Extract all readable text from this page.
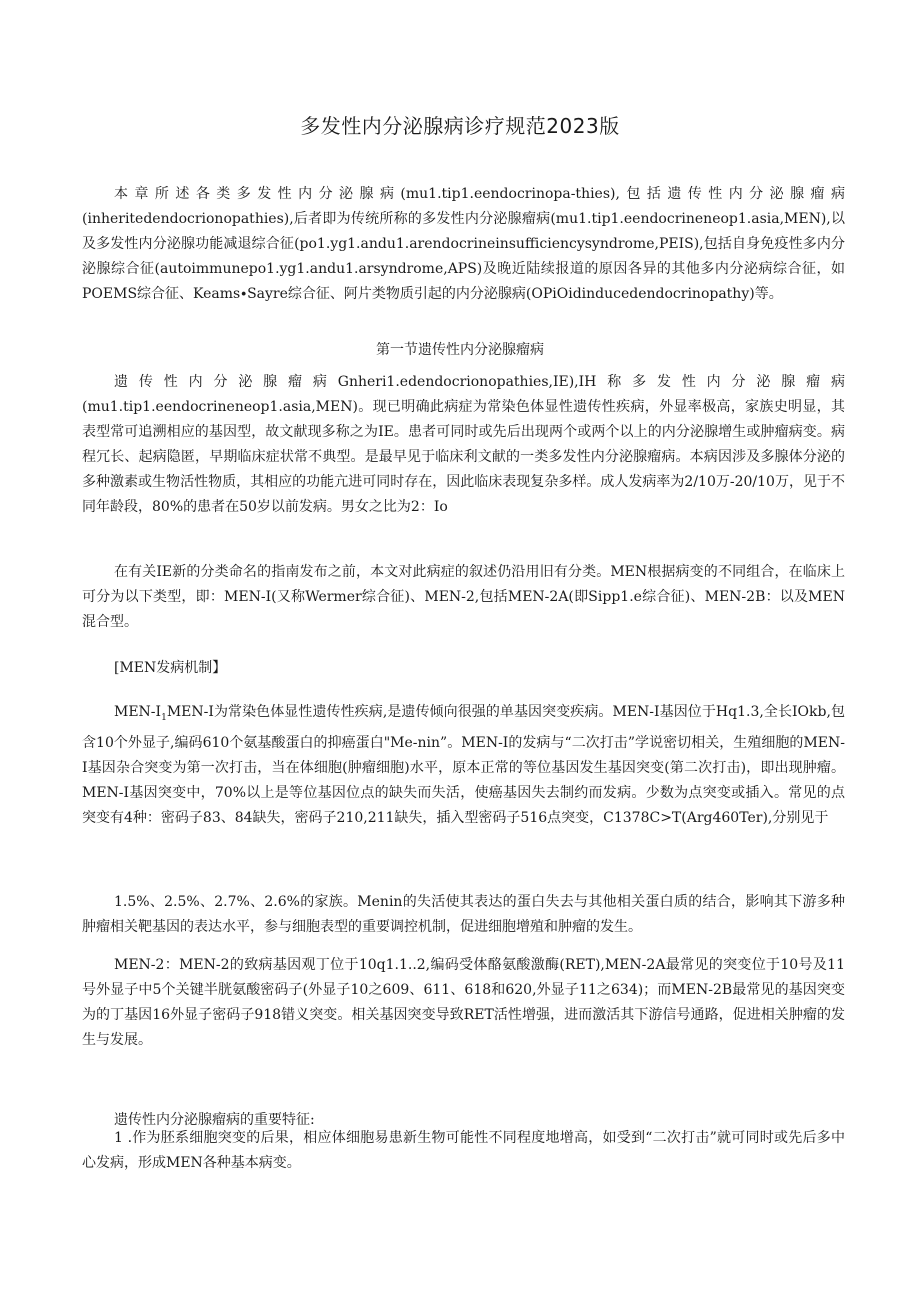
多发性内分泌腺病诊疗规范2023版

本章所述各类多发性内分泌腺病(mu1.tip1.eendocrinopa-thies),包括遗传性内分泌腺瘤病(inheritedendocrionopathies),后者即为传统所称的多发性内分泌腺瘤病(mu1.tip1.eendocrineneop1.asia,MEN),以及多发性内分泌腺功能减退综合征(po1.yg1.andu1.arendocrineinsufficiencysyndrome,PEIS),包括自身免疫性多内分泌腺综合征(autoimmunepo1.yg1.andu1.arsyndrome,APS)及晚近陆续报道的原因各异的其他多内分泌病综合征，如POEMS综合征、Keams∙Sayre综合征、阿片类物质引起的内分泌腺病(OPiOidinducedendocrinopathy)等。

第一节遗传性内分泌腺瘤病

遗传性内分泌腺瘤病Gnheri1.edendocrionopathies,IE),IH称多发性内分泌腺瘤病(mu1.tip1.eendocrineneop1.asia,MEN)。现已明确此病症为常染色体显性遗传性疾病，外显率极高，家族史明显，其表型常可追溯相应的基因型，故文献现多称之为IE。患者可同时或先后出现两个或两个以上的内分泌腺增生或肿瘤病变。病程冗长、起病隐匿，早期临床症状常不典型。是最早见于临床利文献的一类多发性内分泌腺瘤病。本病因涉及多腺体分泌的多种激素或生物活性物质，其相应的功能亢进可同时存在，因此临床表现复杂多样。成人发病率为2/10万-20/10万，见于不同年龄段，80%的患者在50岁以前发病。男女之比为2：Io

在有关IE新的分类命名的指南发布之前，本文对此病症的叙述仍沿用旧有分类。MEN根据病变的不同组合，在临床上可分为以下类型，即：MEN-I(又称Wermer综合征)、MEN-2,包括MEN-2A(即Sipp1.e综合征)、MEN-2B：以及MEN混合型。

[MEN发病机制】

MEN-$I_1MEN-I$为常染色体显性遗传性疾病,是遗传倾向很强的单基因突变疾病。MEN-I基因位于Hq1.3,全长IOkb,包含10个外显子,编码610个氨基酸蛋白的抑癌蛋白"Me-nin”。MEN-I的发病与“二次打击”学说密切相关，生殖细胞的MEN-I基因杂合突变为第一次打击，当在体细胞(肿瘤细胞)水平，原本正常的等位基因发生基因突变(第二次打击)，即出现肿瘤。MEN-I基因突变中，70%以上是等位基因位点的缺失而失活，使癌基因失去制约而发病。少数为点突变或插入。常见的点突变有4种：密码子83、84缺失，密码子210,211缺失，插入型密码子516点突变，C1378C>T(Arg460Ter),分别见于

1.5%、2.5%、2.7%、2.6%的家族。Menin的失活使其表达的蛋白失去与其他相关蛋白质的结合，影响其下游多种肿瘤相关靶基因的表达水平，参与细胞表型的重要调控机制，促进细胞增殖和肿瘤的发生。

MEN-2：MEN-2的致病基因观丁位于10q1.1..2,编码受体酪氨酸激酶(RET),MEN-2A最常见的突变位于10号及11号外显子中5个关键半胱氨酸密码子(外显子10之609、611、618和620,外显子11之634)；而MEN-2B最常见的基因突变为的丁基因16外显子密码子918错义突变。相关基因突变导致RET活性增强，进而激活其下游信号通路，促进相关肿瘤的发生与发展。

遗传性内分泌腺瘤病的重要特征:

1 .作为胚系细胞突变的后果，相应体细胞易患新生物可能性不同程度地增高，如受到“二次打击”就可同时或先后多中心发病，形成MEN各种基本病变。
